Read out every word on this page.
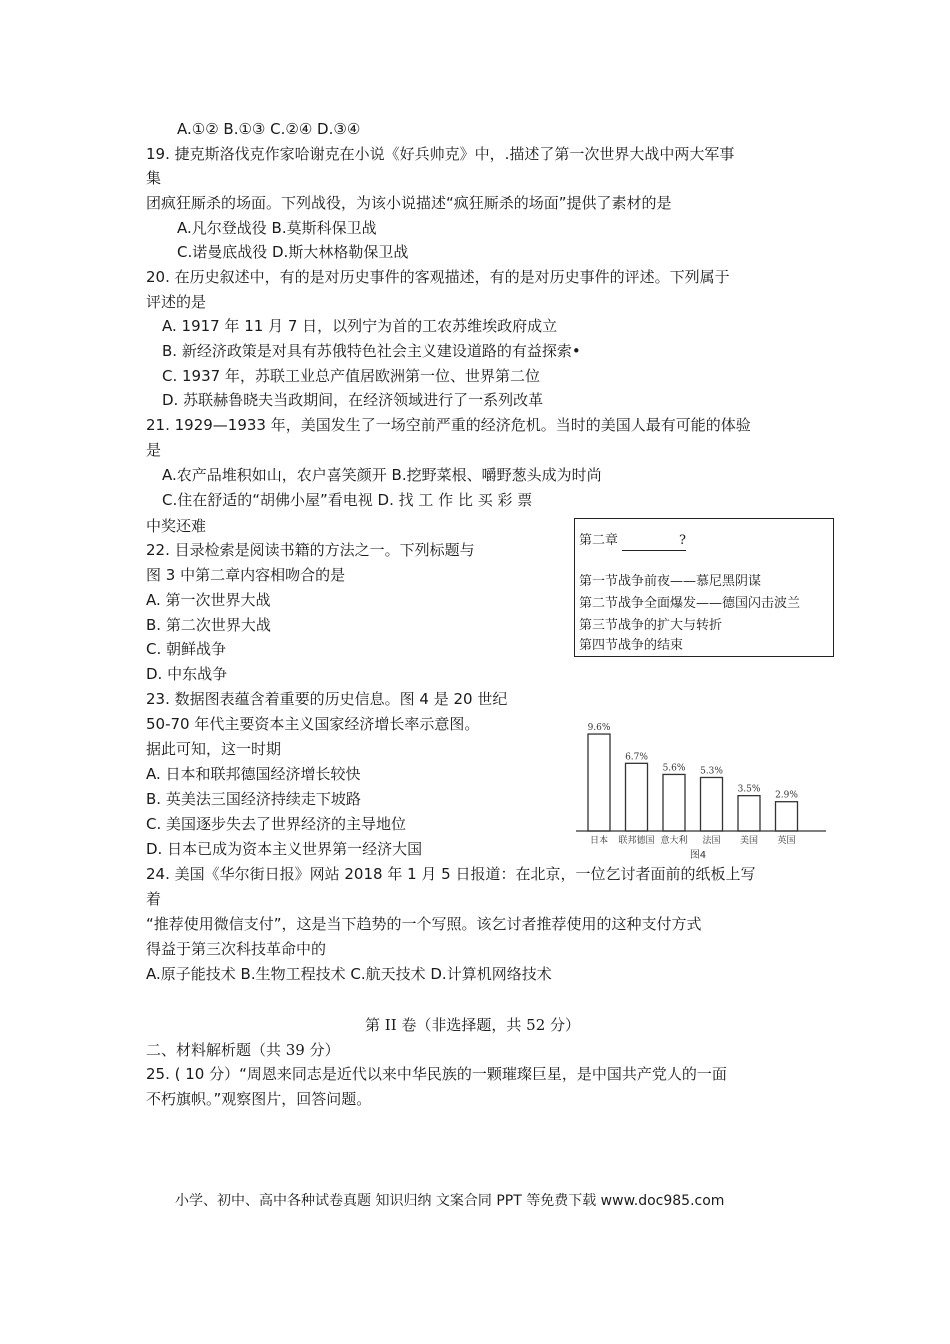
A.①② B.①③ C.②④ D.③④
19. 捷克斯洛伐克作家哈谢克在小说《好兵帅克》中，.描述了第一次世界大战中两大军事
集
团疯狂厮杀的场面。下列战役，为该小说描述“疯狂厮杀的场面”提供了素材的是
A.凡尔登战役 B.莫斯科保卫战
C.诺曼底战役 D.斯大林格勒保卫战
20. 在历史叙述中，有的是对历史事件的客观描述，有的是对历史事件的评述。下列属于
评述的是
A. 1917 年 11 月 7 日，以列宁为首的工农苏维埃政府成立
B. 新经济政策是对具有苏俄特色社会主义建设道路的有益探索•
C. 1937 年，苏联工业总产值居欧洲第一位、世界第二位
D. 苏联赫鲁晓夫当政期间，在经济领域进行了一系列改革
21. 1929—1933 年，美国发生了一场空前严重的经济危机。当时的美国人最有可能的体验
是
A.农产品堆积如山，农户喜笑颜开 B.挖野菜根、嚼野葱头成为时尚
C.住在舒适的“胡佛小屋”看电视 D. 找 工 作 比 买 彩 票
中奖还难
22. 目录检索是阅读书籍的方法之一。下列标题与
图 3 中第二章内容相吻合的是
A. 第一次世界大战
B. 第二次世界大战
C. 朝鲜战争
D. 中东战争
23. 数据图表蕴含着重要的历史信息。图 4 是 20 世纪
50-70 年代主要资本主义国家经济增长率示意图。
据此可知，这一时期
A. 日本和联邦德国经济增长较快
B. 英美法三国经济持续走下坡路
C. 美国逐步失去了世界经济的主导地位
D. 日本已成为资本主义世界第一经济大国
24. 美国《华尔街日报》网站 2018 年 1 月 5 日报道：在北京，一位乞讨者面前的纸板上写
着
“推荐使用微信支付”，这是当下趋势的一个写照。该乞讨者推荐使用的这种支付方式
得益于第三次科技革命中的
A.原子能技术 B.生物工程技术 C.航天技术 D.计算机网络技术
第 II 卷（非选择题，共 52 分）
二、材料解析题（共 39 分）
25. ( 10 分）“周恩来同志是近代以来中华民族的一颗璀璨巨星，是中国共产党人的一面
不朽旗帜。”观察图片，回答问题。
小学、初中、高中各种试卷真题 知识归纳 文案合同 PPT 等免费下载 www.doc985.com
第二章	?
第一节战争前夜——慕尼黑阴谋
第二节战争全面爆发——德国闪击波兰
第三节战争的扩大与转折
第四节战争的结束
9.6%
日本
6.7%
联邦德国
5.6%
意大利
5.3%
法国
3.5%
美国
2.9%
英国
图4
